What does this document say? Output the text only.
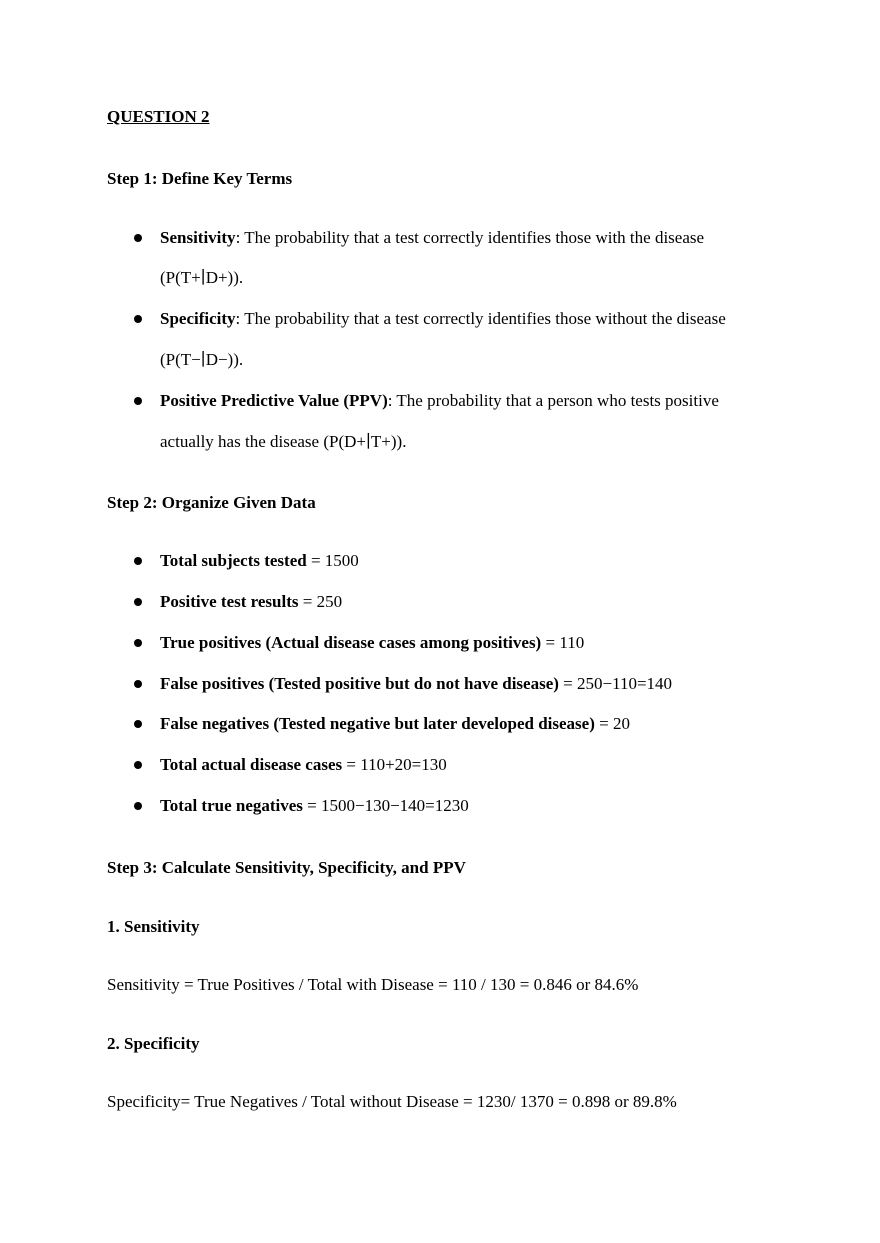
QUESTION 2
Step 1: Define Key Terms
Sensitivity: The probability that a test correctly identifies those with the disease
(P(T+∣D+)).
Specificity: The probability that a test correctly identifies those without the disease
(P(T−∣D−)).
Positive Predictive Value (PPV): The probability that a person who tests positive
actually has the disease (P(D+∣T+)).
Step 2: Organize Given Data
Total subjects tested = 1500
Positive test results = 250
True positives (Actual disease cases among positives) = 110
False positives (Tested positive but do not have disease) = 250−110=140
False negatives (Tested negative but later developed disease) = 20
Total actual disease cases = 110+20=130
Total true negatives = 1500−130−140=1230
Step 3: Calculate Sensitivity, Specificity, and PPV
1. Sensitivity
Sensitivity = True Positives / Total with Disease = 110 / 130 = 0.846 or 84.6%
2. Specificity
Specificity= True Negatives / Total without Disease = 1230/ 1370 = 0.898 or 89.8%
